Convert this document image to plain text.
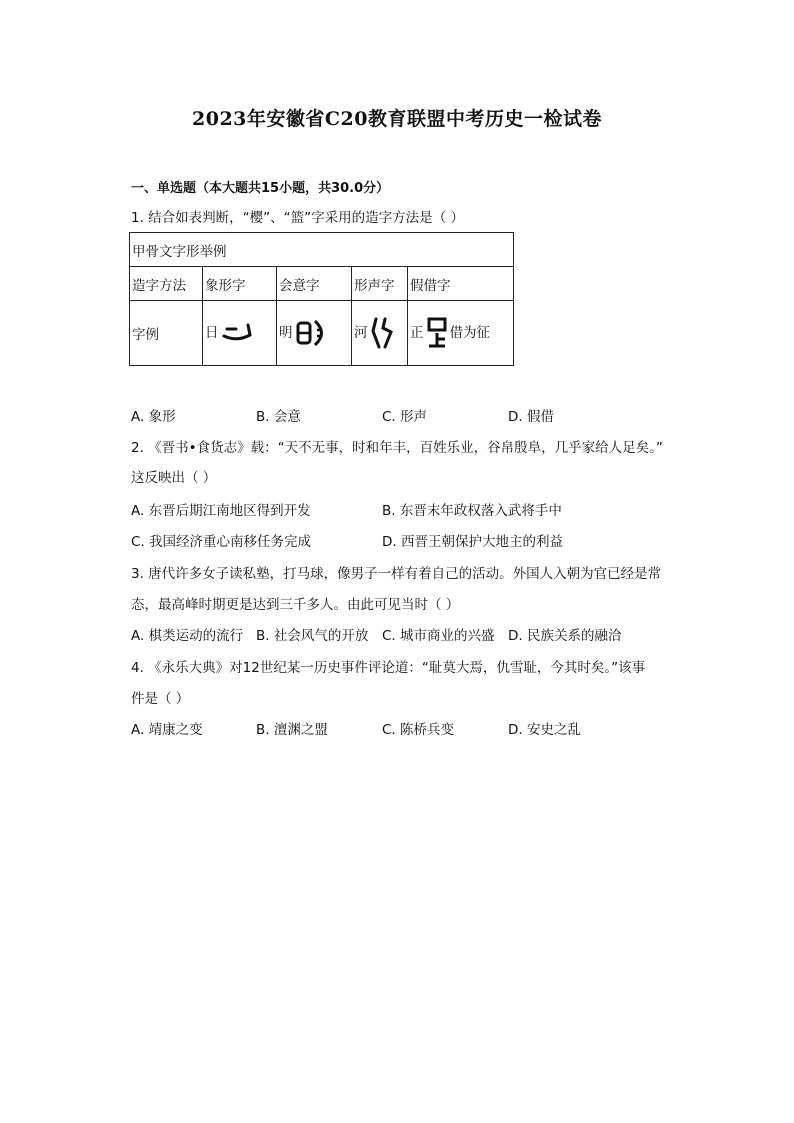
2023年安徽省C20教育联盟中考历史一检试卷
一、单选题（本大题共15小题，共30.0分）
1. 结合如表判断，“樱”、“篮”字采用的造字方法是（ ）
甲骨文字形举例				
造字方法	象形字	会意字	形声字	假借字
字例	日	明	河	正 借为征
A. 象形	B. 会意	C. 形声	D. 假借
2. 《晋书•食货志》载：“天不无事，时和年丰，百姓乐业，谷帛殷阜，几乎家给人足矣。”
这反映出（ ）
A. 东晋后期江南地区得到开发	B. 东晋末年政权落入武将手中
C. 我国经济重心南移任务完成	D. 西晋王朝保护大地主的利益
3. 唐代许多女子读私塾，打马球，像男子一样有着自己的活动。外国人入朝为官已经是常
态，最高峰时期更是达到三千多人。由此可见当时（ ）
A. 棋类运动的流行 B. 社会风气的开放 C. 城市商业的兴盛 D. 民族关系的融洽
4. 《永乐大典》对12世纪某一历史事件评论道：“耻莫大焉，仇雪耻，今其时矣。”该事
件是（ ）
A. 靖康之变	B. 澶渊之盟	C. 陈桥兵变	D. 安史之乱
